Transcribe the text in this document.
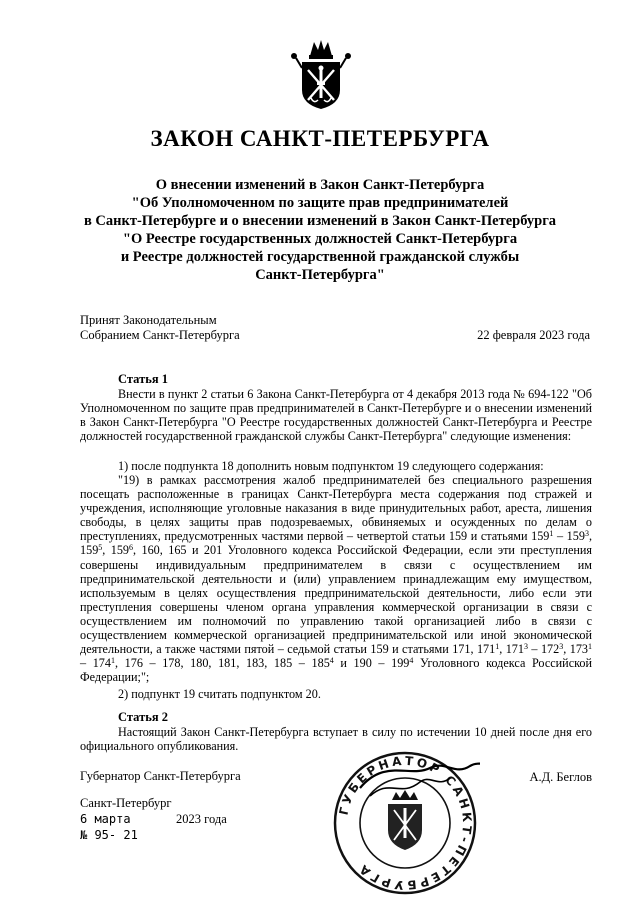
ЗАКОН САНКТ-ПЕТЕРБУРГА
О внесении изменений в Закон Санкт-Петербурга
"Об Уполномоченном по защите прав предпринимателей
в Санкт-Петербурге и о внесении изменений в Закон Санкт-Петербурга
"О Реестре государственных должностей Санкт-Петербурга
и Реестре должностей государственной гражданской службы
Санкт-Петербурга"
Принят Законодательным
Собранием Санкт-Петербурга	22 февраля 2023 года
Статья 1
Внести в пункт 2 статьи 6 Закона Санкт-Петербурга от 4 декабря 2013 года № 694-122 "Об Уполномоченном по защите прав предпринимателей в Санкт-Петербурге и о внесении изменений в Закон Санкт-Петербурга "О Реестре государственных должностей Санкт-Петербурга и Реестре должностей государственной гражданской службы Санкт-Петербурга" следующие изменения:
1) после подпункта 18 дополнить новым подпунктом 19 следующего содержания:
"19) в рамках рассмотрения жалоб предпринимателей без специального разрешения посещать расположенные в границах Санкт-Петербурга места содержания под стражей и учреждения, исполняющие уголовные наказания в виде принудительных работ, ареста, лишения свободы, в целях защиты прав подозреваемых, обвиняемых и осужденных по делам о преступлениях, предусмотренных частями первой – четвертой статьи 159 и статьями $159^1 - 159^3$, $159^5$, $159^6$, 160, 165 и 201 Уголовного кодекса Российской Федерации, если эти преступления совершены индивидуальным предпринимателем в связи с осуществлением им предпринимательской деятельности и (или) управлением принадлежащим ему имуществом, используемым в целях осуществления предпринимательской деятельности, либо если эти преступления совершены членом органа управления коммерческой организации в связи с осуществлением им полномочий по управлению такой организацией либо в связи с осуществлением коммерческой организацией предпринимательской или иной экономической деятельности, а также частями пятой – седьмой статьи 159 и статьями 171, $171^1$, $171^3 - 172^3$, $173^1 - 174^1$, 176 – 178, 180, 181, 183, $185 - 185^4$ и $190 - 199^4$ Уголовного кодекса Российской Федерации;";
2) подпункт 19 считать подпунктом 20.
Статья 2
Настоящий Закон Санкт-Петербурга вступает в силу по истечении 10 дней после дня его официального опубликования.
Губернатор Санкт-Петербурга	А.Д. Беглов
ГУБЕРНАТОР САНКТ-ПЕТЕРБУРГА
Санкт-Петербург
6 марта	2023 года
№ 95- 21
